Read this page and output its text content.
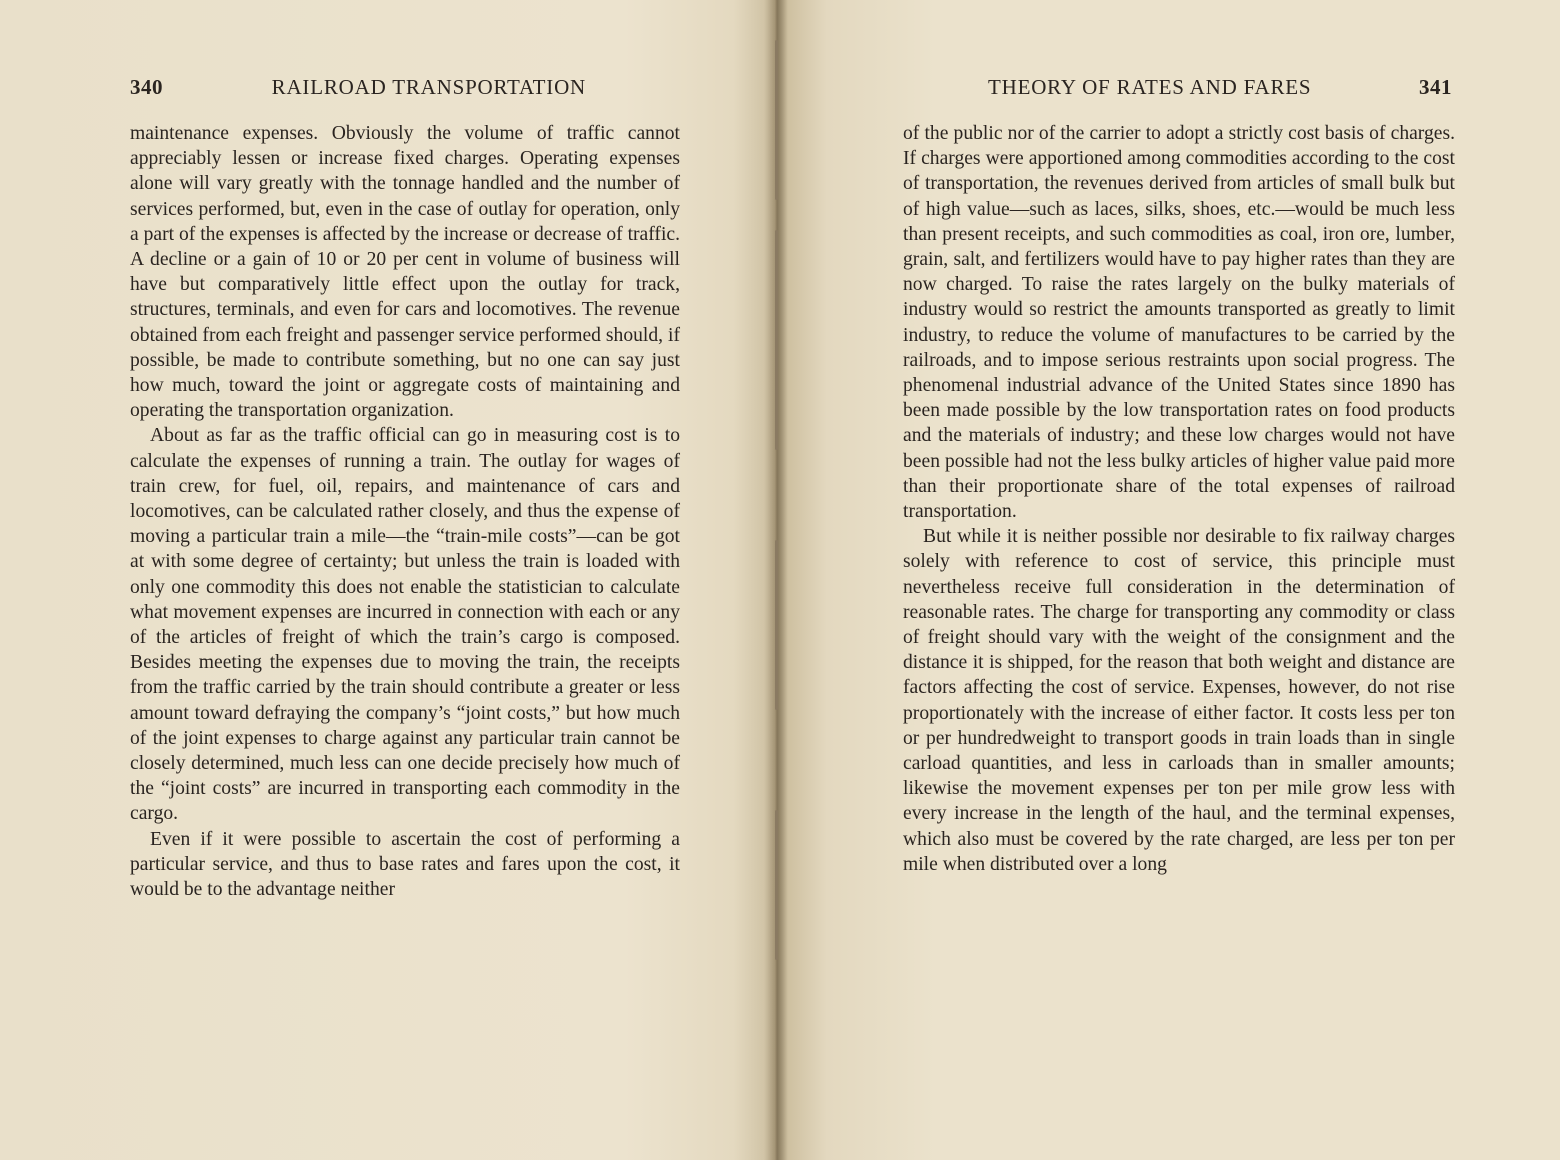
340	RAILROAD TRANSPORTATION

maintenance expenses. Obviously the volume of traffic cannot appreciably lessen or increase fixed charges. Operating expenses alone will vary greatly with the tonnage handled and the number of services performed, but, even in the case of outlay for operation, only a part of the expenses is affected by the increase or decrease of traffic. A decline or a gain of 10 or 20 per cent in volume of business will have but comparatively little effect upon the outlay for track, structures, terminals, and even for cars and locomotives. The revenue obtained from each freight and passenger service performed should, if possible, be made to contribute something, but no one can say just how much, toward the joint or aggregate costs of maintaining and operating the transportation organization.

About as far as the traffic official can go in measuring cost is to calculate the expenses of running a train. The outlay for wages of train crew, for fuel, oil, repairs, and maintenance of cars and locomotives, can be calculated rather closely, and thus the expense of moving a particular train a mile—the “train-mile costs”—can be got at with some degree of certainty; but unless the train is loaded with only one commodity this does not enable the statistician to calculate what movement expenses are incurred in connection with each or any of the articles of freight of which the train’s cargo is composed. Besides meeting the expenses due to moving the train, the receipts from the traffic carried by the train should contribute a greater or less amount toward defraying the company’s “joint costs,” but how much of the joint expenses to charge against any particular train cannot be closely determined, much less can one decide precisely how much of the “joint costs” are incurred in transporting each commodity in the cargo.

Even if it were possible to ascertain the cost of performing a particular service, and thus to base rates and fares upon the cost, it would be to the advantage neither

THEORY OF RATES AND FARES	341

of the public nor of the carrier to adopt a strictly cost basis of charges. If charges were apportioned among commodities according to the cost of transportation, the revenues derived from articles of small bulk but of high value—such as laces, silks, shoes, etc.—would be much less than present receipts, and such commodities as coal, iron ore, lumber, grain, salt, and fertilizers would have to pay higher rates than they are now charged. To raise the rates largely on the bulky materials of industry would so restrict the amounts transported as greatly to limit industry, to reduce the volume of manufactures to be carried by the railroads, and to impose serious restraints upon social progress. The phenomenal industrial advance of the United States since 1890 has been made possible by the low transportation rates on food products and the materials of industry; and these low charges would not have been possible had not the less bulky articles of higher value paid more than their proportionate share of the total expenses of railroad transportation.

But while it is neither possible nor desirable to fix railway charges solely with reference to cost of service, this principle must nevertheless receive full consideration in the determination of reasonable rates. The charge for transporting any commodity or class of freight should vary with the weight of the consignment and the distance it is shipped, for the reason that both weight and distance are factors affecting the cost of service. Expenses, however, do not rise proportionately with the increase of either factor. It costs less per ton or per hundredweight to transport goods in train loads than in single carload quantities, and less in carloads than in smaller amounts; likewise the movement expenses per ton per mile grow less with every increase in the length of the haul, and the terminal expenses, which also must be covered by the rate charged, are less per ton per mile when distributed over a long
